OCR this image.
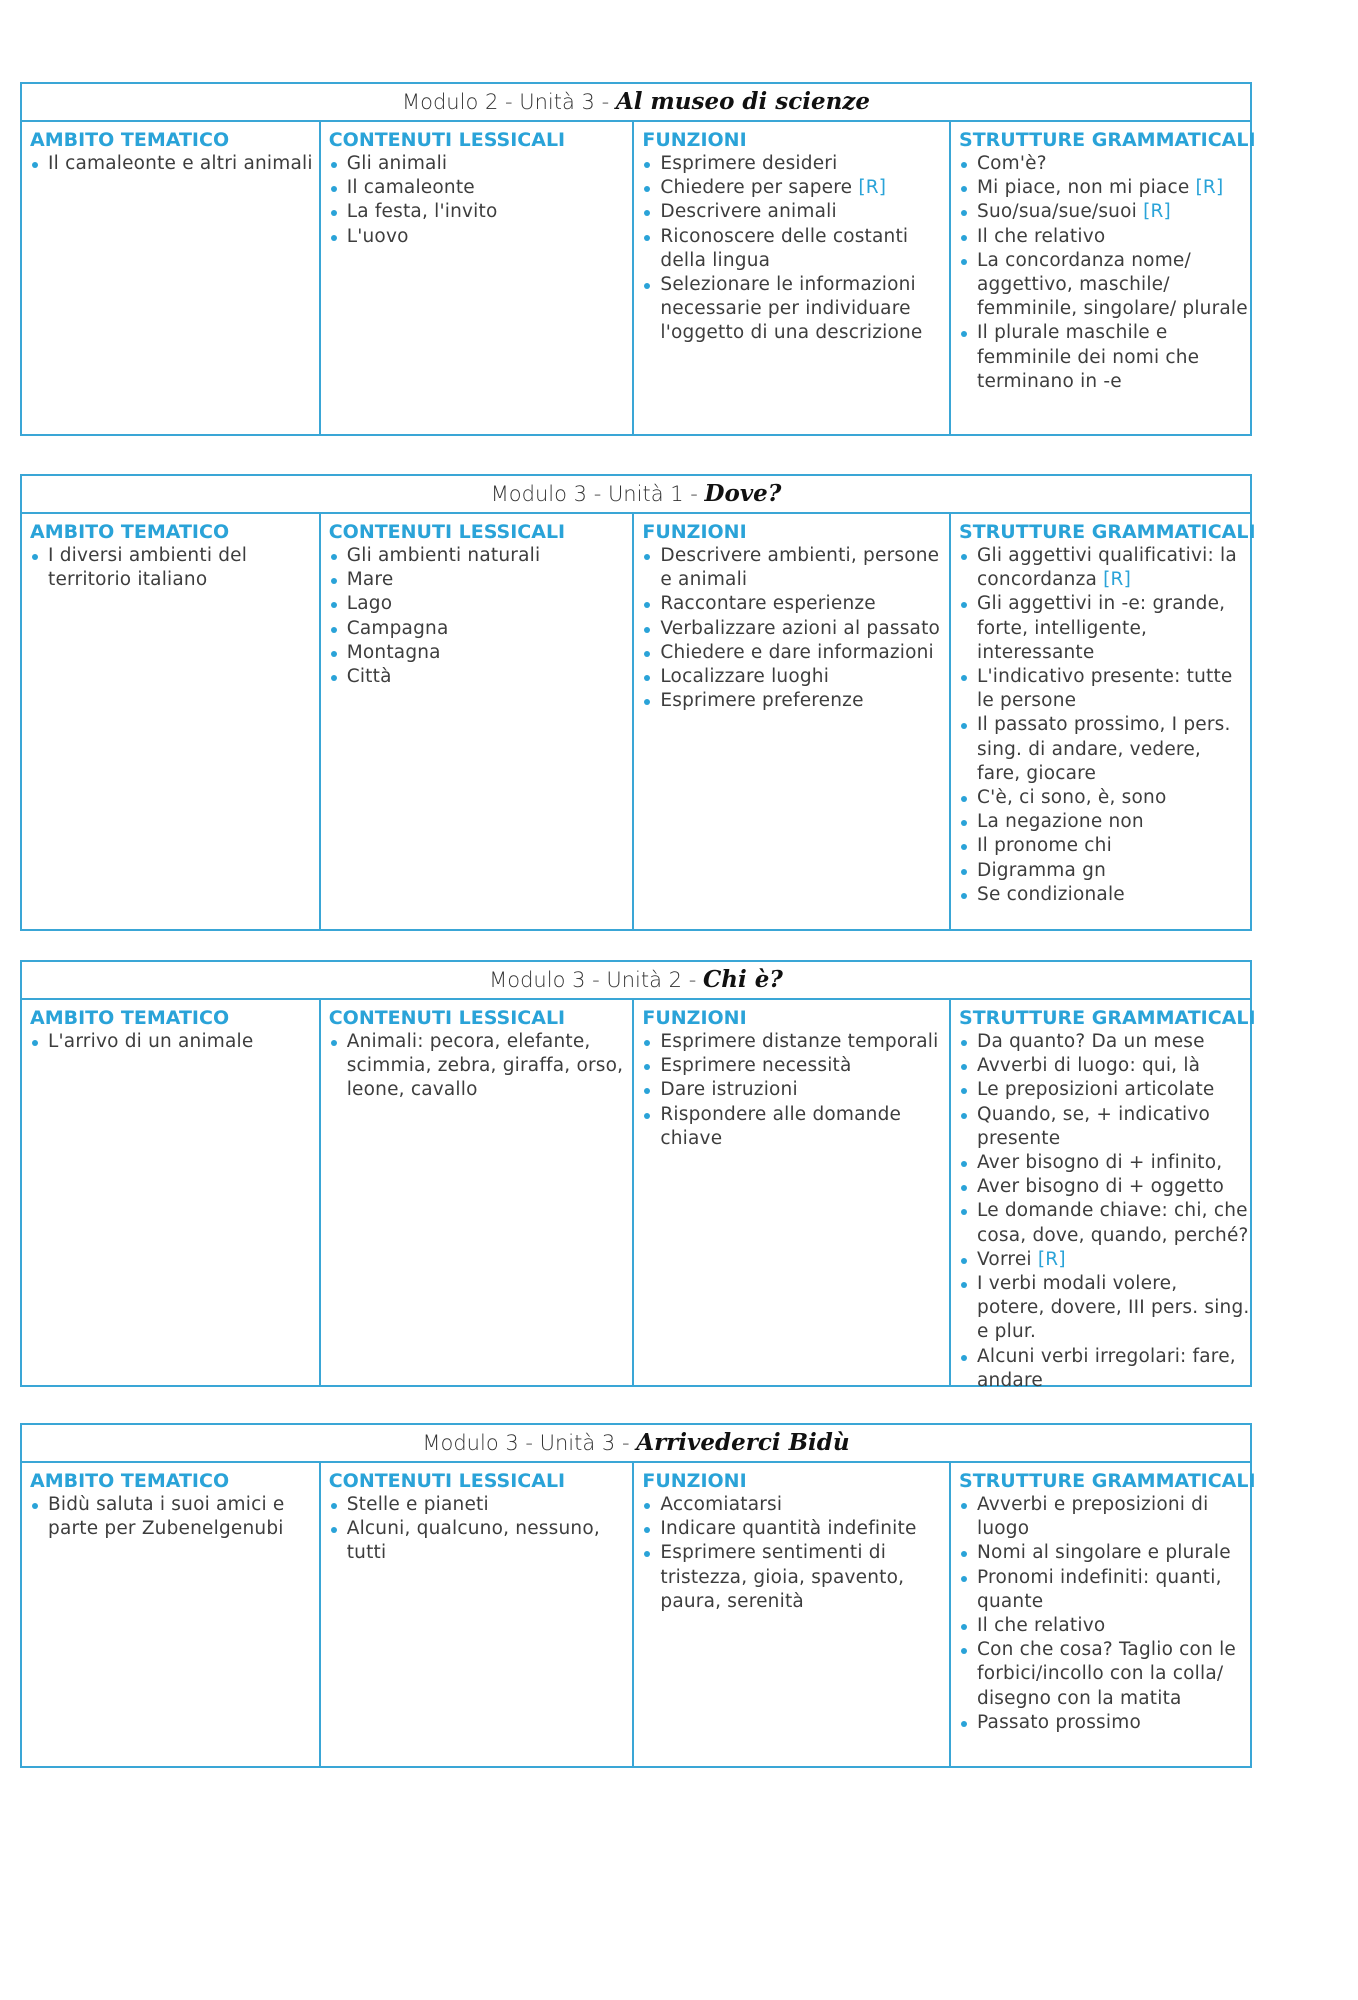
Modulo 2 - Unità 3 - Al museo di scienze
AMBITO TEMATICO
Il camaleonte e altri animali
CONTENUTI LESSICALI
Gli animali
Il camaleonte
La festa, l'invito
L'uovo
FUNZIONI
Esprimere desideri
Chiedere per sapere [R]
Descrivere animali
Riconoscere delle costanti della lingua
Selezionare le informazioni necessarie per individuare l'oggetto di una descrizione
STRUTTURE GRAMMATICALI
Com'è?
Mi piace, non mi piace [R]
Suo/sua/sue/suoi [R]
Il che relativo
La concordanza nome/ aggettivo, maschile/ femminile, singolare/ plurale
Il plurale maschile e femminile dei nomi che terminano in -e
Modulo 3 - Unità 1 - Dove?
AMBITO TEMATICO
I diversi ambienti del territorio italiano
CONTENUTI LESSICALI
Gli ambienti naturali
Mare
Lago
Campagna
Montagna
Città
FUNZIONI
Descrivere ambienti, persone e animali
Raccontare esperienze
Verbalizzare azioni al passato
Chiedere e dare informazioni
Localizzare luoghi
Esprimere preferenze
STRUTTURE GRAMMATICALI
Gli aggettivi qualificativi: la concordanza [R]
Gli aggettivi in -e: grande, forte, intelligente, interessante
L'indicativo presente: tutte le persone
Il passato prossimo, I pers. sing. di andare, vedere, fare, giocare
C'è, ci sono, è, sono
La negazione non
Il pronome chi
Digramma gn
Se condizionale
Modulo 3 - Unità 2 - Chi è?
AMBITO TEMATICO
L'arrivo di un animale
CONTENUTI LESSICALI
Animali: pecora, elefante, scimmia, zebra, giraffa, orso, leone, cavallo
FUNZIONI
Esprimere distanze temporali
Esprimere necessità
Dare istruzioni
Rispondere alle domande chiave
STRUTTURE GRAMMATICALI
Da quanto? Da un mese
Avverbi di luogo: qui, là
Le preposizioni articolate
Quando, se, + indicativo presente
Aver bisogno di + infinito,
Aver bisogno di + oggetto
Le domande chiave: chi, che cosa, dove, quando, perché?
Vorrei [R]
I verbi modali volere, potere, dovere, III pers. sing. e plur.
Alcuni verbi irregolari: fare, andare
Modulo 3 - Unità 3 - Arrivederci Bidù
AMBITO TEMATICO
Bidù saluta i suoi amici e parte per Zubenelgenubi
CONTENUTI LESSICALI
Stelle e pianeti
Alcuni, qualcuno, nessuno, tutti
FUNZIONI
Accomiatarsi
Indicare quantità indefinite
Esprimere sentimenti di tristezza, gioia, spavento, paura, serenità
STRUTTURE GRAMMATICALI
Avverbi e preposizioni di luogo
Nomi al singolare e plurale
Pronomi indefiniti: quanti, quante
Il che relativo
Con che cosa? Taglio con le forbici/incollo con la colla/ disegno con la matita
Passato prossimo
